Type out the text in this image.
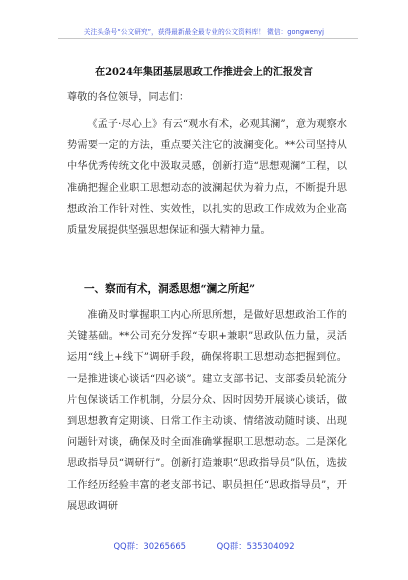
关注头条号“公文研究”，获得最新最全最专业的公文资料库！ 微信：gongwenyj
在2024年集团基层思政工作推进会上的汇报发言
尊敬的各位领导，同志们：

《孟子·尽心上》有云“观水有术，必观其澜”，意为观察水势需要一定的方法，重点要关注它的波澜变化。**公司坚持从中华优秀传统文化中汲取灵感，创新打造“思想观澜”工程，以准确把握企业职工思想动态的波澜起伏为着力点，不断提升思想政治工作针对性、实效性，以扎实的思政工作成效为企业高质量发展提供坚强思想保证和强大精神力量。

一、察而有术，洞悉思想“澜之所起”

准确及时掌握职工内心所思所想，是做好思想政治工作的关键基础。**公司充分发挥“专职+兼职”思政队伍力量，灵活运用“线上+线下”调研手段，确保将职工思想动态把握到位。一是推进谈心谈话“四必谈”。建立支部书记、支部委员轮流分片包保谈话工作机制，分层分众、因时因势开展谈心谈话，做到思想教育定期谈、日常工作主动谈、情绪波动随时谈、出现问题针对谈，确保及时全面准确掌握职工思想动态。二是深化思政指导员“调研行”。创新打造兼职“思政指导员”队伍，选拔工作经历经验丰富的老支部书记、职员担任“思政指导员”，开展思政调研

QQ群：30265665	QQ群：535304092
